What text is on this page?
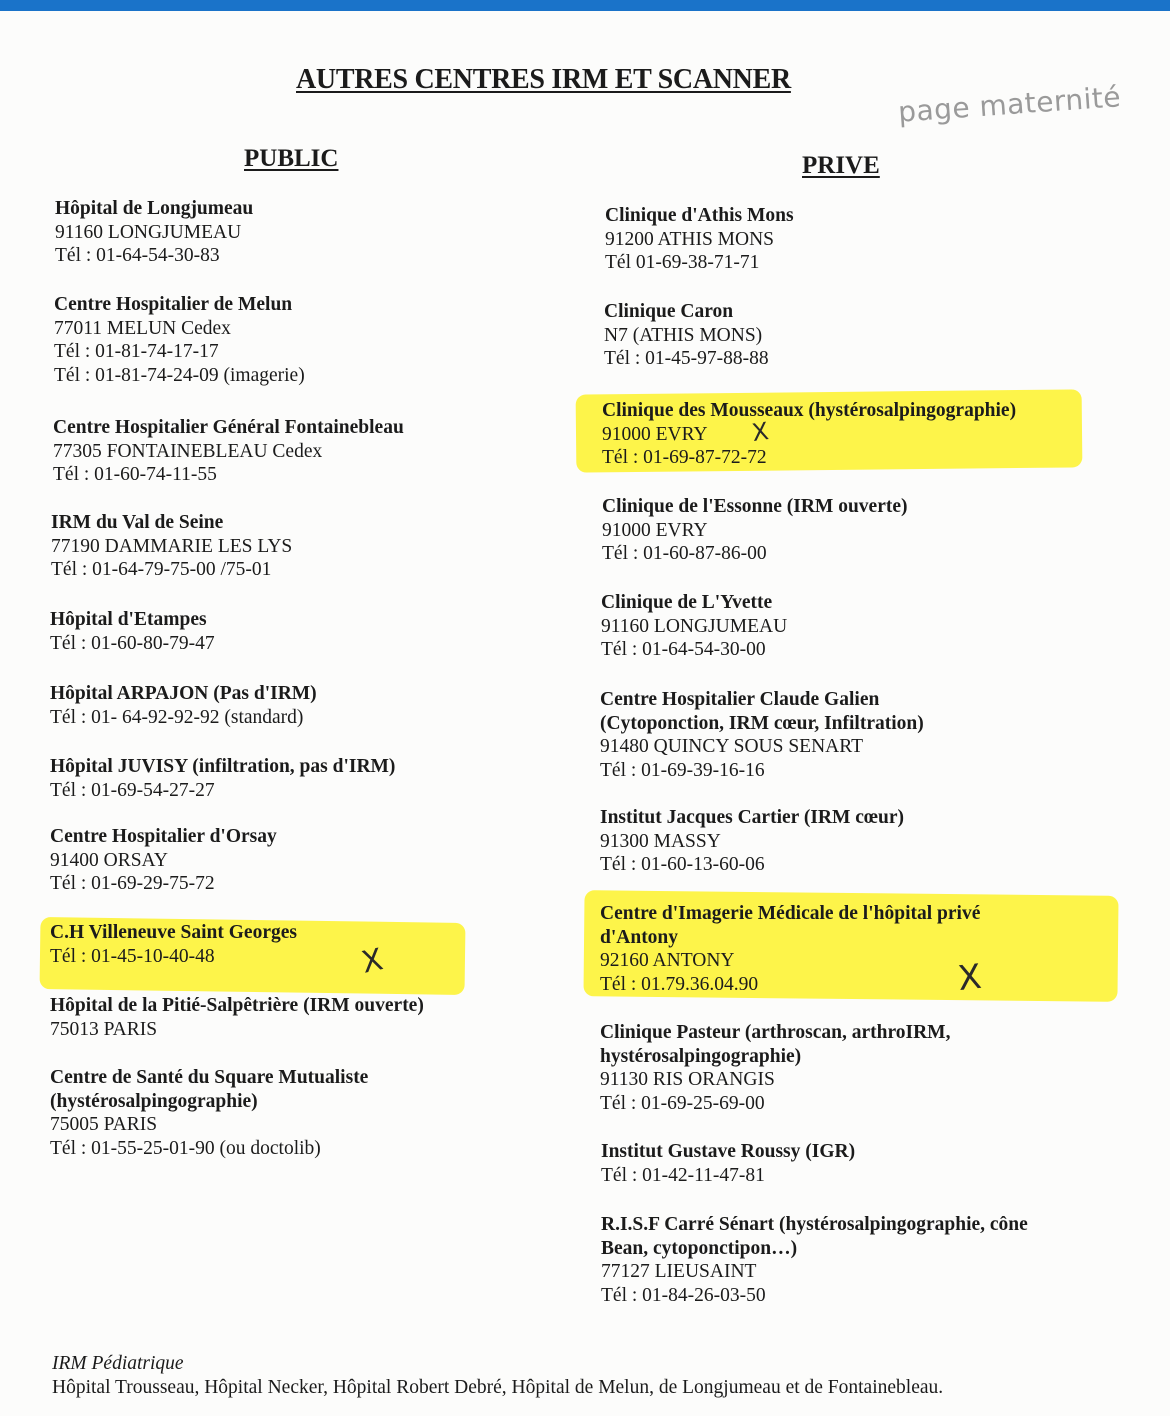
AUTRES CENTRES IRM ET SCANNER
page maternité
PUBLIC	PRIVE
Hôpital de Longjumeau
91160 LONGJUMEAU
Tél : 01-64-54-30-83
Centre Hospitalier de Melun
77011 MELUN Cedex
Tél : 01-81-74-17-17
Tél : 01-81-74-24-09 (imagerie)
Centre Hospitalier Général Fontainebleau
77305 FONTAINEBLEAU Cedex
Tél : 01-60-74-11-55
IRM du Val de Seine
77190 DAMMARIE LES LYS
Tél : 01-64-79-75-00 /75-01
Hôpital d'Etampes
Tél : 01-60-80-79-47
Hôpital ARPAJON (Pas d'IRM)
Tél : 01- 64-92-92-92 (standard)
Hôpital JUVISY (infiltration, pas d'IRM)
Tél : 01-69-54-27-27
Centre Hospitalier d'Orsay
91400 ORSAY
Tél : 01-69-29-75-72
C.H Villeneuve Saint Georges
Tél : 01-45-10-40-48
Hôpital de la Pitié-Salpêtrière (IRM ouverte)
75013 PARIS
Centre de Santé du Square Mutualiste
(hystérosalpingographie)
75005 PARIS
Tél : 01-55-25-01-90 (ou doctolib)
Clinique d'Athis Mons
91200 ATHIS MONS
Tél 01-69-38-71-71
Clinique Caron
N7 (ATHIS MONS)
Tél : 01-45-97-88-88
Clinique des Mousseaux (hystérosalpingographie)
91000 EVRY
Tél : 01-69-87-72-72
Clinique de l'Essonne (IRM ouverte)
91000 EVRY
Tél : 01-60-87-86-00
Clinique de L'Yvette
91160 LONGJUMEAU
Tél : 01-64-54-30-00
Centre Hospitalier Claude Galien
(Cytoponction, IRM cœur, Infiltration)
91480 QUINCY SOUS SENART
Tél : 01-69-39-16-16
Institut Jacques Cartier (IRM cœur)
91300 MASSY
Tél : 01-60-13-60-06
Centre d'Imagerie Médicale de l'hôpital privé
d'Antony
92160 ANTONY
Tél : 01.79.36.04.90
Clinique Pasteur (arthroscan, arthroIRM,
hystérosalpingographie)
91130 RIS ORANGIS
Tél : 01-69-25-69-00
Institut Gustave Roussy (IGR)
Tél : 01-42-11-47-81
R.I.S.F Carré Sénart (hystérosalpingographie, cône
Bean, cytoponctipon…)
77127 LIEUSAINT
Tél : 01-84-26-03-50
X
X	X
IRM Pédiatrique
Hôpital Trousseau, Hôpital Necker, Hôpital Robert Debré, Hôpital de Melun, de Longjumeau et de Fontainebleau.
